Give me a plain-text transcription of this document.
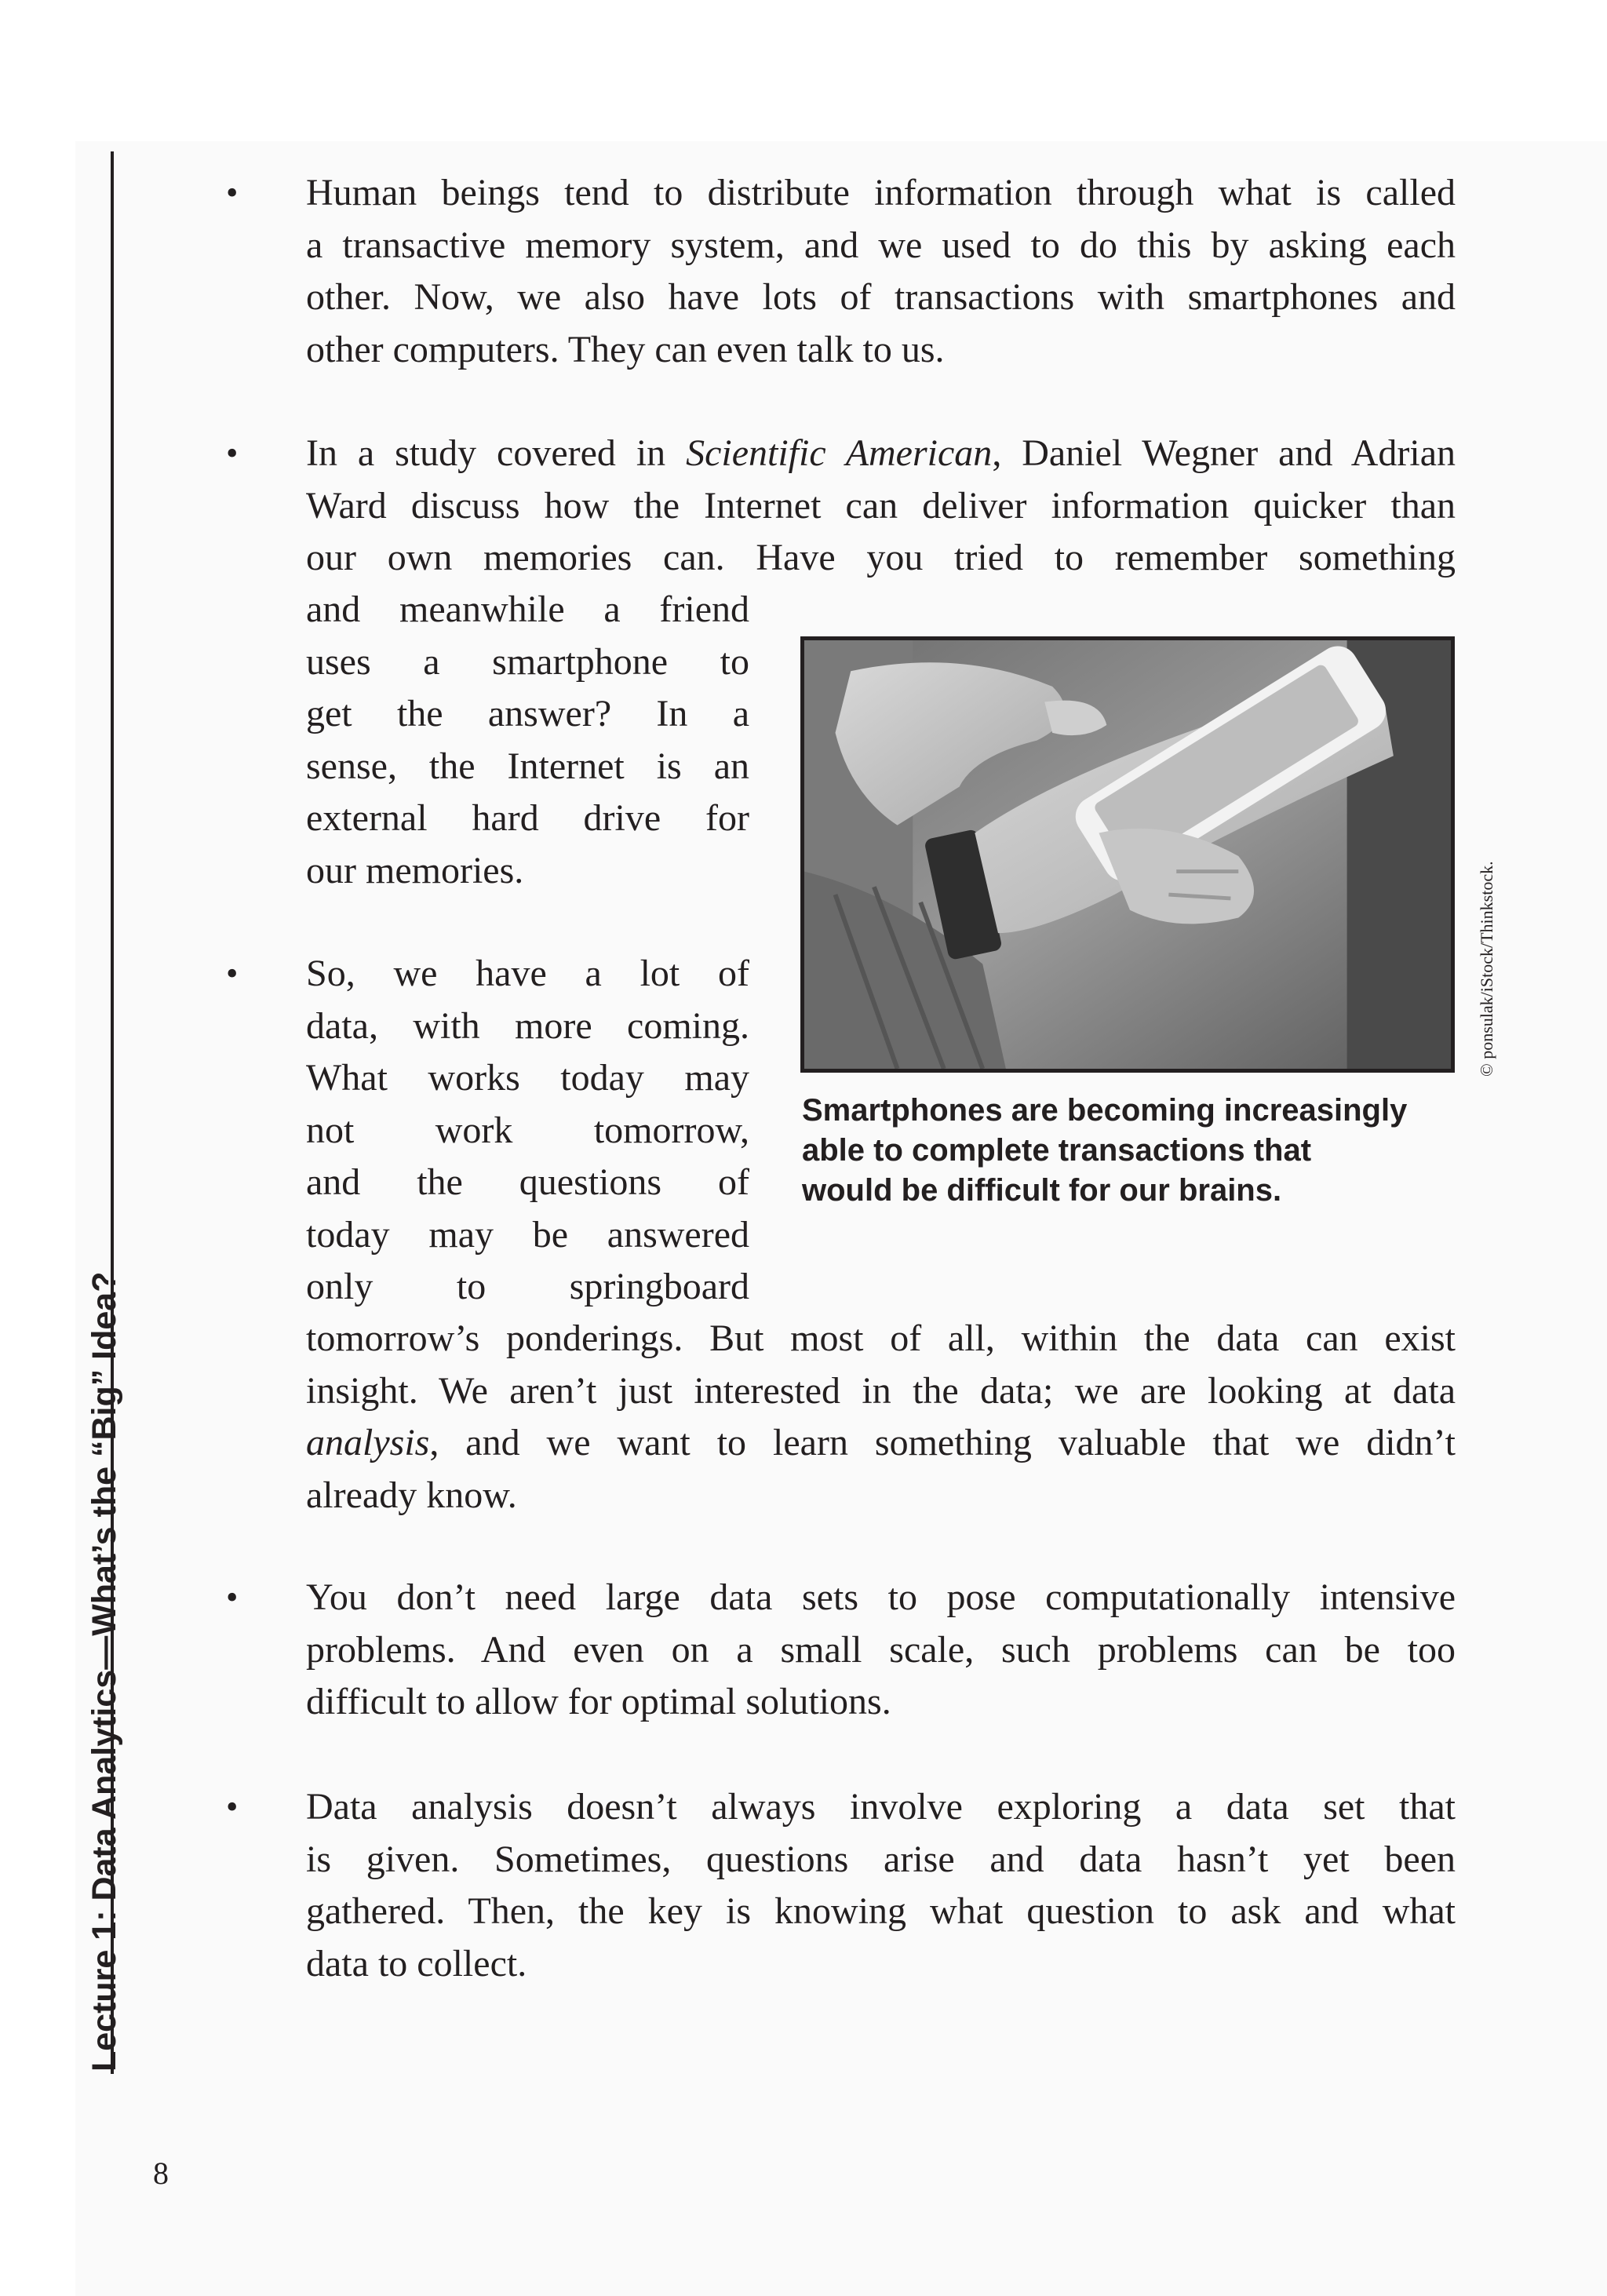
Lecture 1: Data Analytics—What’s the “Big” Idea?
8
• Human beings tend to distribute information through what is called
a transactive memory system, and we used to do this by asking each
other. Now, we also have lots of transactions with smartphones and
other computers. They can even talk to us.
• In a study covered in Scientific American, Daniel Wegner and Adrian
Ward discuss how the Internet can deliver information quicker than
our own memories can. Have you tried to remember something
and meanwhile a friend
uses a smartphone to
get the answer? In a
sense, the Internet is an
external hard drive for
our memories.
• So, we have a lot of
data, with more coming.
What works today may
not work tomorrow,
and the questions of
today may be answered
only to springboard
tomorrow’s ponderings. But most of all, within the data can exist
insight. We aren’t just interested in the data; we are looking at data
analysis, and we want to learn something valuable that we didn’t
already know.
• You don’t need large data sets to pose computationally intensive
problems. And even on a small scale, such problems can be too
difficult to allow for optimal solutions.
• Data analysis doesn’t always involve exploring a data set that
is given. Sometimes, questions arise and data hasn’t yet been
gathered. Then, the key is knowing what question to ask and what
data to collect.
© ponsulak/iStock/Thinkstock.
Smartphones are becoming increasingly
able to complete transactions that
would be difficult for our brains.
